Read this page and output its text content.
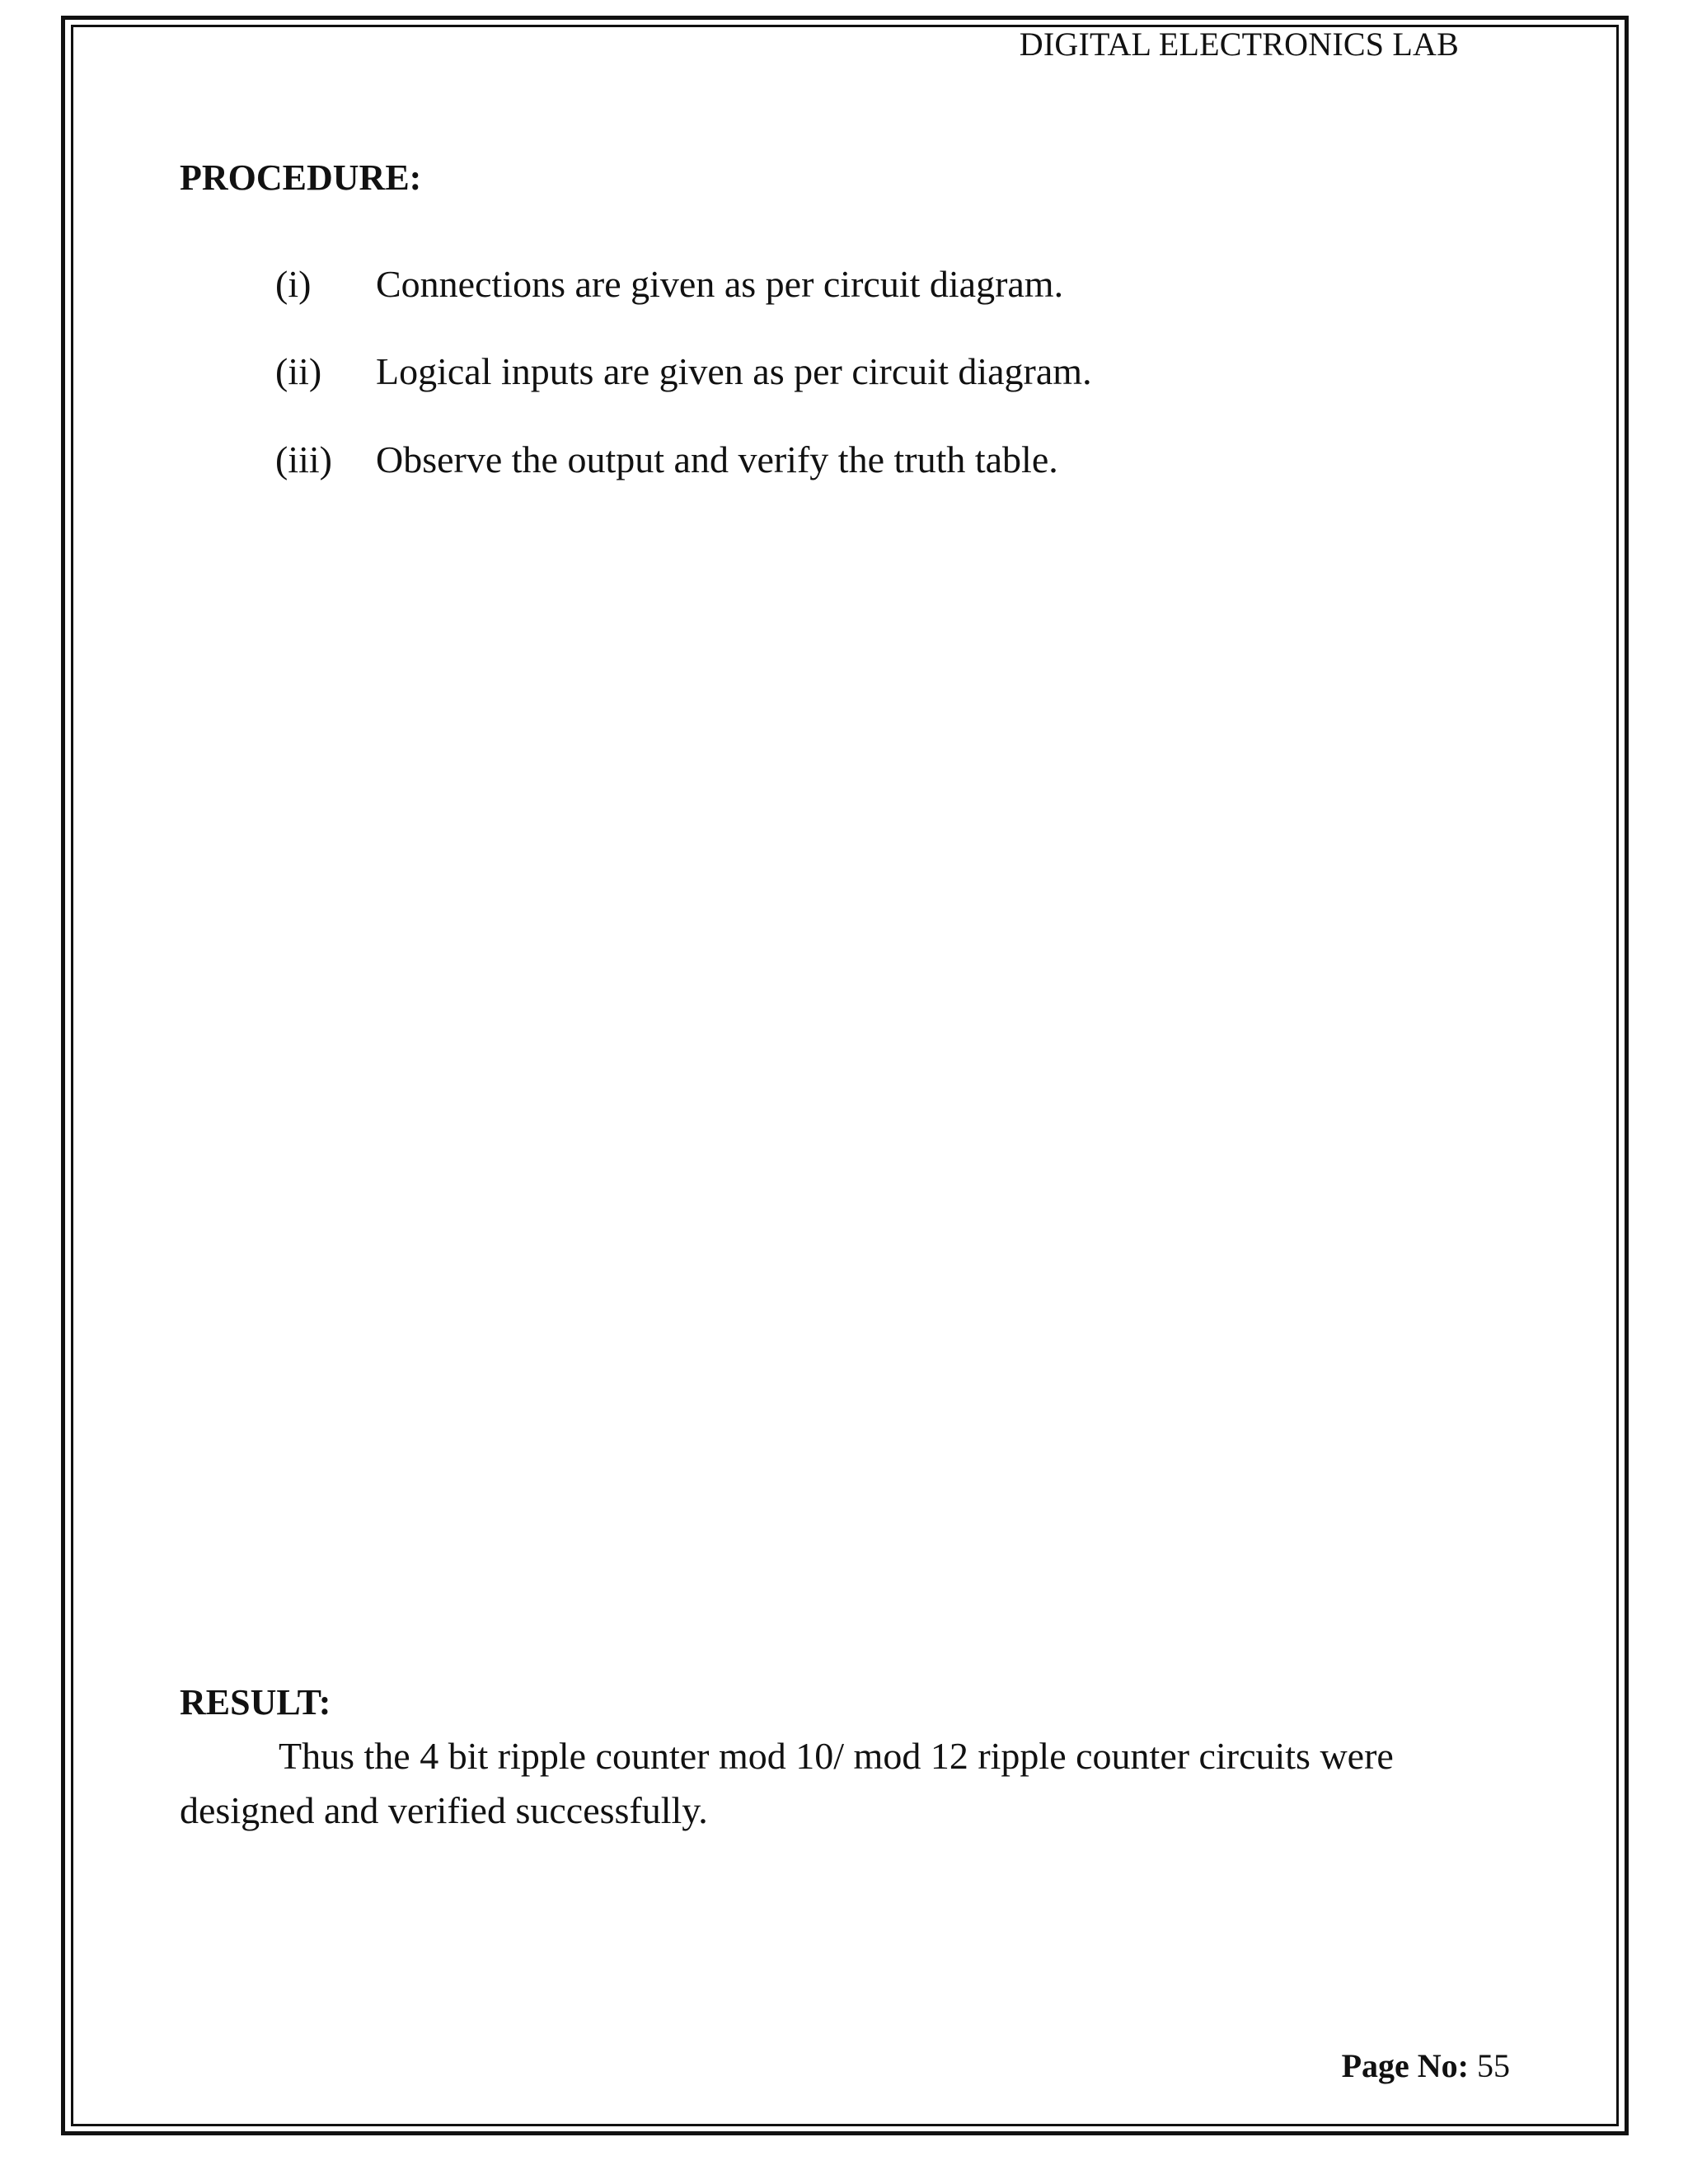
DIGITAL ELECTRONICS LAB
PROCEDURE:
(i)	Connections are given as per circuit diagram.
(ii)	Logical inputs are given as per circuit diagram.
(iii)	Observe the output and verify the truth table.
RESULT:
Thus the 4 bit ripple counter mod 10/ mod 12 ripple counter circuits were designed and verified successfully.
Page No: 55
